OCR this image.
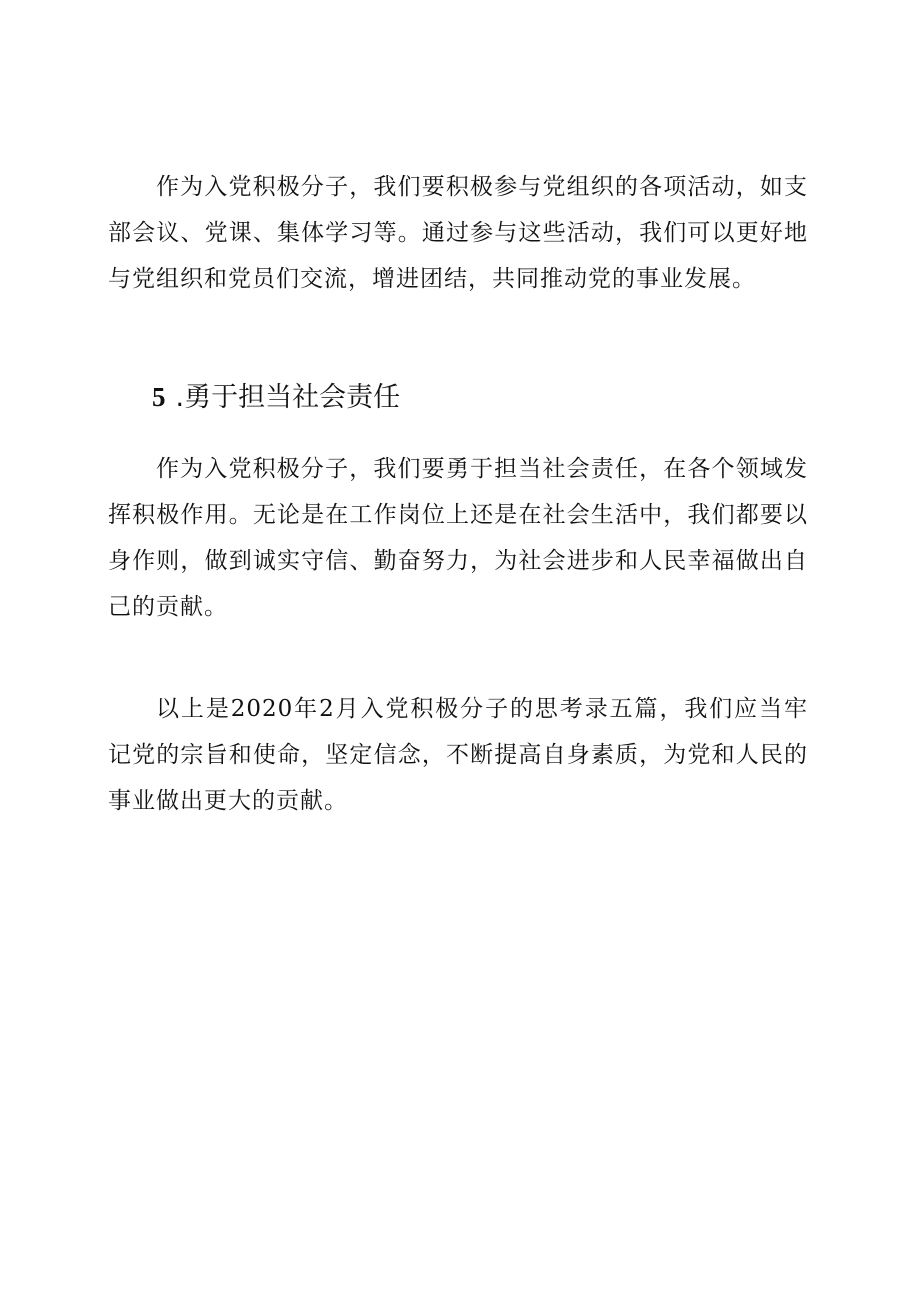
作为入党积极分子，我们要积极参与党组织的各项活动，如支部会议、党课、集体学习等。通过参与这些活动，我们可以更好地与党组织和党员们交流，增进团结，共同推动党的事业发展。

5 .勇于担当社会责任

作为入党积极分子，我们要勇于担当社会责任，在各个领域发挥积极作用。无论是在工作岗位上还是在社会生活中，我们都要以身作则，做到诚实守信、勤奋努力，为社会进步和人民幸福做出自己的贡献。

以上是2020年2月入党积极分子的思考录五篇，我们应当牢记党的宗旨和使命，坚定信念，不断提高自身素质，为党和人民的事业做出更大的贡献。
